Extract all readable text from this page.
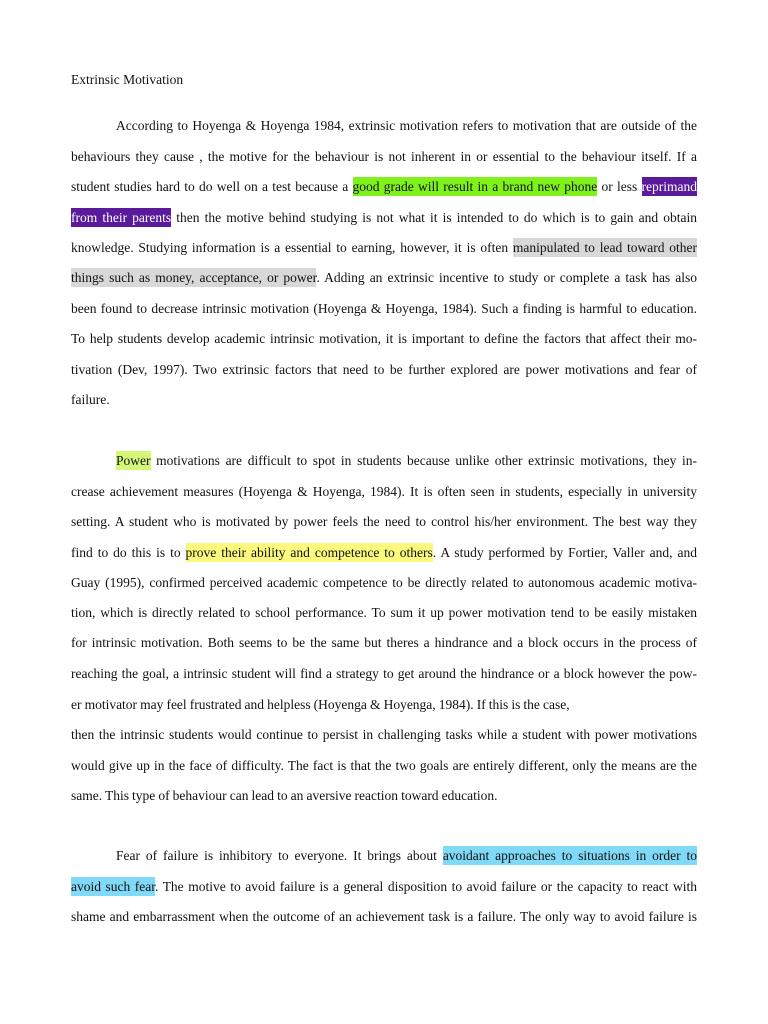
Extrinsic Motivation
According to Hoyenga & Hoyenga 1984, extrinsic motivation refers to motivation that are outside of the
behaviours they cause , the motive for the behaviour is not inherent in or essential to the behaviour itself. If a
student studies hard to do well on a test because a good grade will result in a brand new phone or less reprimand
from their parents then the motive behind studying is not what it is intended to do which is to gain and obtain
knowledge. Studying information is a essential to earning, however, it is often manipulated to lead toward other
things such as money, acceptance, or power. Adding an extrinsic incentive to study or complete a task has also
been found to decrease intrinsic motivation (Hoyenga & Hoyenga, 1984). Such a finding is harmful to education.
To help students develop academic intrinsic motivation, it is important to define the factors that affect their mo-
tivation (Dev, 1997). Two extrinsic factors that need to be further explored are power motivations and fear of
failure.
Power motivations are difficult to spot in students because unlike other extrinsic motivations, they in-
crease achievement measures (Hoyenga & Hoyenga, 1984). It is often seen in students, especially in university
setting. A student who is motivated by power feels the need to control his/her environment. The best way they
find to do this is to prove their ability and competence to others. A study performed by Fortier, Valler and, and
Guay (1995), confirmed perceived academic competence to be directly related to autonomous academic motiva-
tion, which is directly related to school performance. To sum it up power motivation tend to be easily mistaken
for intrinsic motivation. Both seems to be the same but theres a hindrance and a block occurs in the process of
reaching the goal, a intrinsic student will find a strategy to get around the hindrance or a block however the pow-
er motivator may feel frustrated and helpless (Hoyenga & Hoyenga, 1984). If this is the case,
then the intrinsic students would continue to persist in challenging tasks while a student with power motivations
would give up in the face of difficulty. The fact is that the two goals are entirely different, only the means are the
same. This type of behaviour can lead to an aversive reaction toward education.
Fear of failure is inhibitory to everyone. It brings about avoidant approaches to situations in order to
avoid such fear. The motive to avoid failure is a general disposition to avoid failure or the capacity to react with
shame and embarrassment when the outcome of an achievement task is a failure. The only way to avoid failure is
